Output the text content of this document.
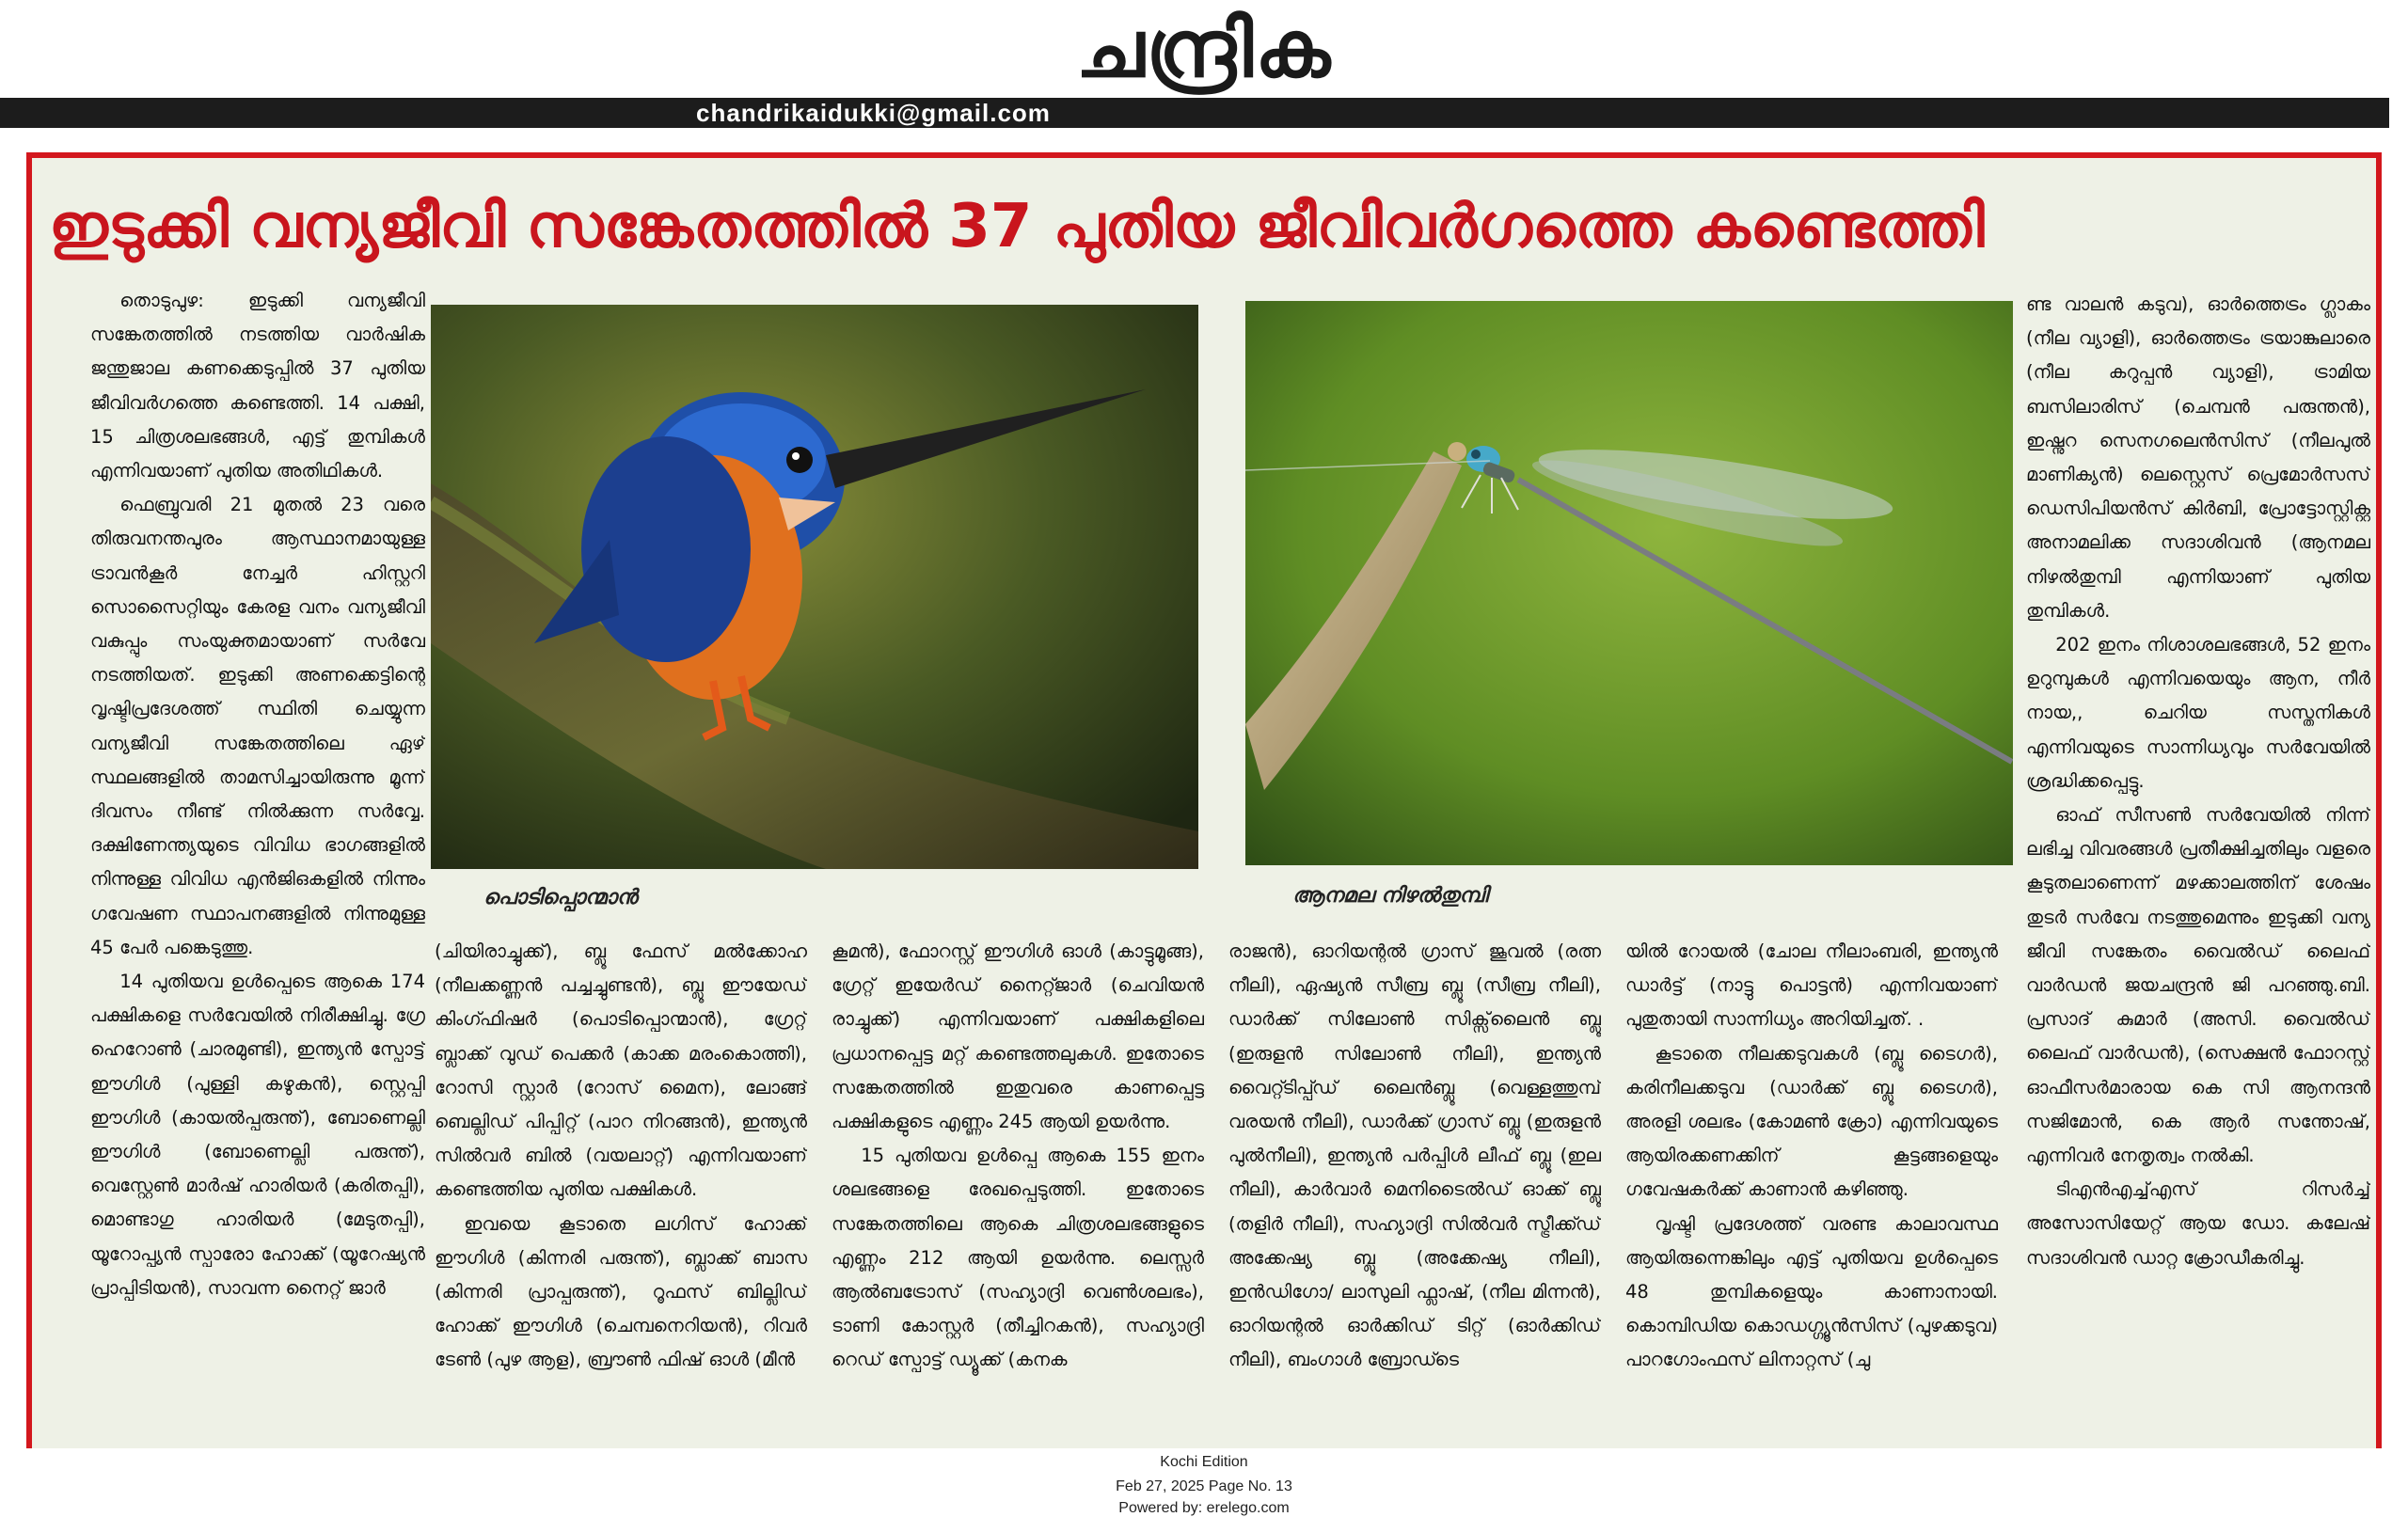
ചന്ദ്രിക
chandrikaidukki@gmail.com
ഇടുക്കി വന്യജീവി സങ്കേതത്തിൽ 37 പുതിയ ജീവിവർഗത്തെ കണ്ടെത്തി

തൊടുപുഴ: ഇടുക്കി വന്യജീവി സങ്കേതത്തിൽ നടത്തിയ വാർഷിക ജന്തുജാല കണക്കെടുപ്പിൽ 37 പുതിയ ജീവിവർഗത്തെ കണ്ടെത്തി. 14 പക്ഷി, 15 ചിത്രശലഭങ്ങൾ, എട്ട് തുമ്പികൾ എന്നിവയാണ് പുതിയ അതിഥികൾ.

ഫെബ്രുവരി 21 മുതൽ 23 വരെ തിരുവനന്തപുരം ആസ്ഥാനമായുള്ള ട്രാവൻകൂർ നേച്ചർ ഹിസ്റ്ററി സൊസൈറ്റിയും കേരള വനം വന്യജീവി വകുപ്പും സംയുക്തമായാണ് സർവേ നടത്തിയത്. ഇടുക്കി അണക്കെട്ടിന്റെ വൃഷ്ടിപ്രദേശത്ത് സ്ഥിതി ചെയ്യുന്ന വന്യജീവി സങ്കേതത്തിലെ ഏഴ് സ്ഥലങ്ങളിൽ താമസിച്ചായിരുന്നു മൂന്ന് ദിവസം നീണ്ട് നിൽക്കുന്ന സർവ്വേ. ദക്ഷിണേന്ത്യയുടെ വിവിധ ഭാഗങ്ങളിൽ നിന്നുള്ള വിവിധ എൻജിഒകളിൽ നിന്നും ഗവേഷണ സ്ഥാപനങ്ങളിൽ നിന്നുമുള്ള 45 പേർ പങ്കെടുത്തു.

14 പുതിയവ ഉൾപ്പെടെ ആകെ 174 പക്ഷികളെ സർവേയിൽ നിരീക്ഷിച്ചു. ഗ്രേ ഹെറോൺ (ചാരമുണ്ടി), ഇന്ത്യൻ സ്പോട്ട് ഈഗിൾ (പുള്ളി കഴുകൻ), സ്റ്റെപ്പി ഈഗിൾ (കായൽപ്പരുന്ത്), ബോണെല്ലി ഈഗിൾ (ബോണെല്ലി പരുന്ത്), വെസ്റ്റേൺ മാർഷ് ഹാരിയർ (കരിതപ്പി), മൊണ്ടാഗു ഹാരിയർ (മേടുതപ്പി), യൂറോപ്പ്യൻ സ്പാരോ ഹോക്ക് (യൂറേഷ്യൻ പ്രാപ്പിടിയൻ), സാവന്ന നൈറ്റ് ജാർ

പൊടിപ്പൊന്മാൻ	ആനമല നിഴൽതുമ്പി

(ചിയിരാച്ചുക്ക്), ബ്ലൂ ഫേസ് മൽക്കോഹ (നീലക്കണ്ണൻ പച്ചച്ചുണ്ടൻ), ബ്ലൂ ഈയേഡ് കിംഗ്ഫിഷർ (പൊടിപ്പൊന്മാൻ), ഗ്രേറ്റ് ബ്ലാക്ക് വുഡ് പെക്കർ (കാക്ക മരംകൊത്തി), റോസി സ്റ്റാർ (റോസ് മൈന), ലോങ്ങ് ബെല്ലിഡ് പിപ്പിറ്റ് (പാറ നിറങ്ങൻ), ഇന്ത്യൻ സിൽവർ ബിൽ (വയലാറ്റ്) എന്നിവയാണ് കണ്ടെത്തിയ പുതിയ പക്ഷികൾ.

ഇവയെ കൂടാതെ ലഗിസ് ഹോക്ക് ഈഗിൾ (കിന്നരി പരുന്ത്), ബ്ലാക്ക് ബാസ (കിന്നരി പ്രാപ്പരുന്ത്), റൂഫസ് ബില്ലിഡ് ഹോക്ക് ഈഗിൾ (ചെമ്പനെറിയൻ), റിവർ ടേൺ (പുഴ ആള), ബ്രൗൺ ഫിഷ് ഓൾ (മീൻ

കൂമൻ), ഫോറസ്റ്റ് ഈഗിൾ ഓൾ (കാട്ടുമൂങ്ങ), ഗ്രേറ്റ് ഇയേർഡ് നൈറ്റ്ജാർ (ചെവിയൻ രാച്ചുക്ക്) എന്നിവയാണ് പക്ഷികളിലെ പ്രധാനപ്പെട്ട മറ്റ് കണ്ടെത്തലുകൾ. ഇതോടെ സങ്കേതത്തിൽ ഇതുവരെ കാണപ്പെട്ട പക്ഷികളുടെ എണ്ണം 245 ആയി ഉയർന്നു.

15 പുതിയവ ഉൾപ്പെ ആകെ 155 ഇനം ശലഭങ്ങളെ രേഖപ്പെടുത്തി. ഇതോടെ സങ്കേതത്തിലെ ആകെ ചിത്രശലഭങ്ങളുടെ എണ്ണം 212 ആയി ഉയർന്നു. ലെസ്സർ ആൽബട്രോസ് (സഹ്യാദ്രി വെൺശലഭം), ടാണി കോസ്റ്റർ (തീച്ചിറകൻ), സഹ്യാദ്രി റെഡ് സ്പോട്ട് ഡ്യൂക്ക് (കനക

രാജൻ), ഓറിയന്റൽ ഗ്രാസ് ജൂവൽ (രത്ന നീലി), ഏഷ്യൻ സീബ്ര ബ്ലൂ (സീബ്ര നീലി), ഡാർക്ക് സിലോൺ സിക്സ്‌ലൈൻ ബ്ലൂ (ഇരുളൻ സിലോൺ നീലി), ഇന്ത്യൻ വൈറ്റ്ടിപ്പ്ഡ് ലൈൻബ്ലൂ (വെള്ളത്തുമ്പ് വരയൻ നീലി), ഡാർക്ക് ഗ്രാസ് ബ്ലൂ (ഇരുളൻ പുൽനീലി), ഇന്ത്യൻ പർപ്പിൾ ലീഫ് ബ്ലൂ (ഇല നീലി), കാർവാർ മെനിടൈൽഡ് ഓക്ക് ബ്ലൂ (തളിർ നീലി), സഹ്യാദ്രി സിൽവർ സ്ട്രീക്ക്ഡ് അക്കേഷ്യ ബ്ലൂ (അക്കേഷ്യ നീലി), ഇൻഡിഗോ/ ലാസുലി ഫ്ലാഷ്, (നീല മിന്നൻ), ഓറിയന്റൽ ഓർക്കിഡ് ടിറ്റ് (ഓർക്കിഡ് നീലി), ബംഗാൾ ബ്രോഡ്ടെ

യിൽ റോയൽ (ചോല നീലാംബരി, ഇന്ത്യൻ ഡാർട്ട് (നാട്ടു പൊട്ടൻ) എന്നിവയാണ് പുതുതായി സാന്നിധ്യം അറിയിച്ചത്. .

കൂടാതെ നീലക്കടുവകൾ (ബ്ലൂ ടൈഗർ), കരിനീലക്കടുവ (ഡാർക്ക് ബ്ലൂ ടൈഗർ), അരളി ശലഭം (കോമൺ ക്രോ) എന്നിവയുടെ ആയിരക്കണക്കിന് കൂട്ടങ്ങളെയും ഗവേഷകർക്ക് കാണാൻ കഴിഞ്ഞു.

വൃഷ്ടി പ്രദേശത്ത് വരണ്ട കാലാവസ്ഥ ആയിരുന്നെങ്കിലും എട്ട് പുതിയവ ഉൾപ്പെടെ 48 തുമ്പികളെയും കാണാനായി. കൊമ്പിഡിയ കൊഡഗ്ഗ്യൂൻസിസ് (പുഴക്കടുവ) പാറഗോംഫസ് ലിനാറ്റസ് (ചു

ണ്ട വാലൻ കടുവ), ഓർത്തെട്രം ഗ്ലാകം (നീല വ്യാളി), ഓർത്തെട്രം ട്രയാങ്കുലാരെ (നീല കറുപ്പൻ വ്യാളി), ട്രാമിയ ബസിലാരിസ് (ചെമ്പൻ പരുന്തൻ), ഇഷ്നുറ സെനഗലെൻസിസ് (നീലപുൽ മാണിക്യൻ) ലെസ്റ്റെസ് പ്രെമോർസസ് ഡെസിപിയൻസ് കിർബി, പ്രോട്ടോസ്റ്റിക്റ്റ അനാമലിക്ക സദാശിവൻ (ആനമല നിഴൽതുമ്പി എന്നിയാണ് പുതിയ തുമ്പികൾ.

202 ഇനം നിശാശലഭങ്ങൾ, 52 ഇനം ഉറുമ്പുകൾ എന്നിവയെയും ആന, നീർ നായ,, ചെറിയ സസ്തനികൾ എന്നിവയുടെ സാന്നിധ്യവും സർവേയിൽ ശ്രദ്ധിക്കപ്പെട്ടു.

ഓഫ് സീസൺ സർവേയിൽ നിന്ന് ലഭിച്ച വിവരങ്ങൾ പ്രതീക്ഷിച്ചതിലും വളരെ കൂടുതലാണെന്ന് മഴക്കാലത്തിന് ശേഷം തുടർ സർവേ നടത്തുമെന്നും ഇടുക്കി വന്യ ജീവി സങ്കേതം വൈൽഡ് ലൈഫ് വാർഡൻ ജയചന്ദ്രൻ ജി പറഞ്ഞു.ബി. പ്രസാദ് കുമാർ (അസി. വൈൽഡ് ലൈഫ് വാർഡൻ), (സെക്ഷൻ ഫോറസ്റ്റ് ഓഫീസർമാരായ കെ സി ആനന്ദൻ സജിമോൻ, കെ ആർ സന്തോഷ്, എന്നിവർ നേതൃത്വം നൽകി.

ടിഎൻഎച്ച്എസ് റിസർച്ച് അസോസിയേറ്റ് ആയ ഡോ. കലേഷ് സദാശിവൻ ഡാറ്റ ക്രോഡീകരിച്ചു.

Kochi Edition
Feb 27, 2025 Page No. 13
Powered by: erelego.com
